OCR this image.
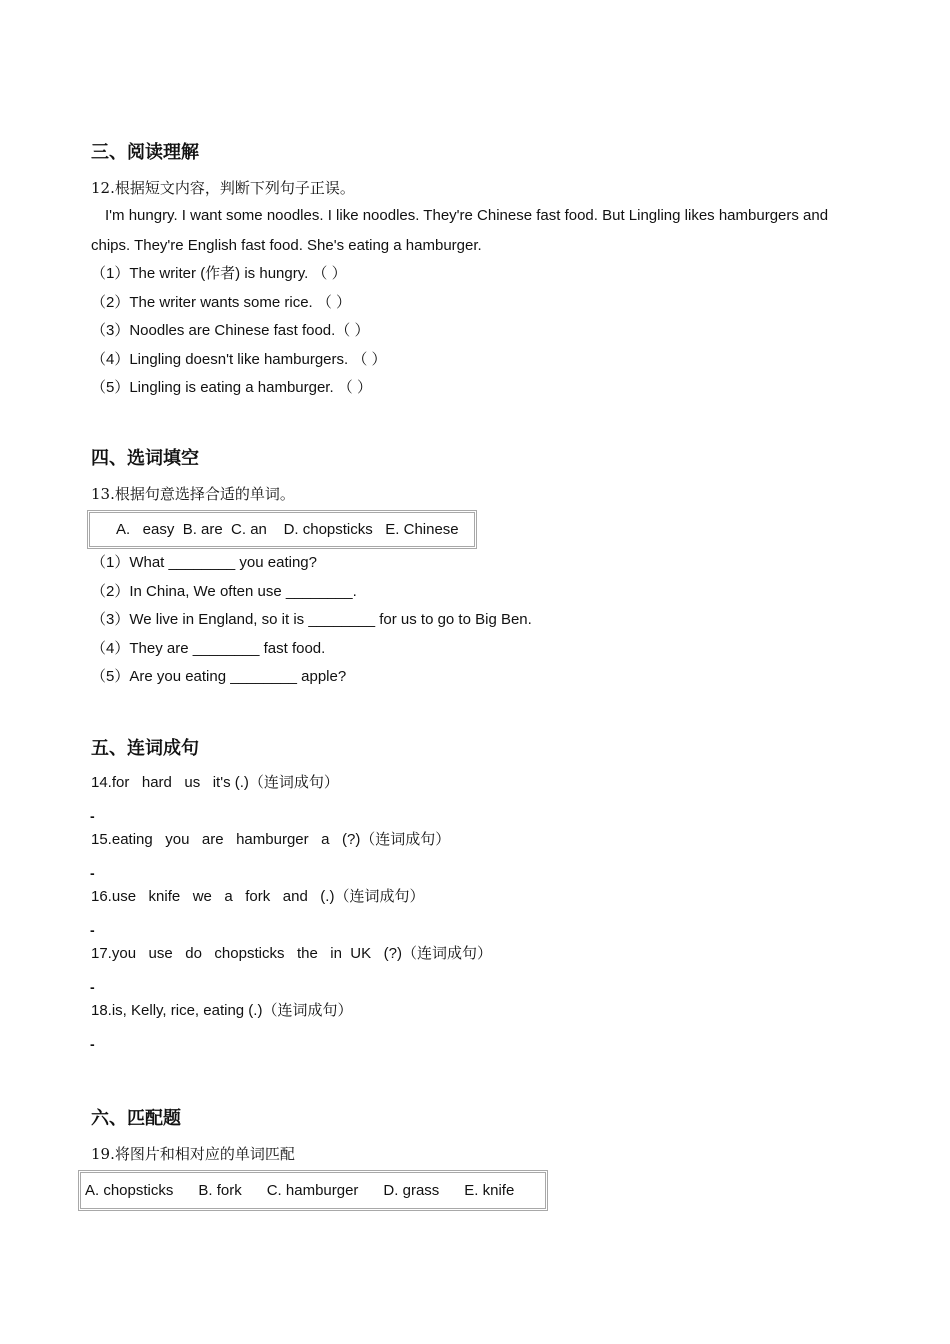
三、阅读理解
12.根据短文内容，判断下列句子正误。
I'm hungry. I want some noodles. I like noodles. They're Chinese fast food. But Lingling likes hamburgers and
chips. They're English fast food. She's eating a hamburger.
（1）The writer (作者) is hungry. （ ）
（2）The writer wants some rice. （ ）
（3）Noodles are Chinese fast food.（ ）
（4）Lingling doesn't like hamburgers. （ ）
（5）Lingling is eating a hamburger. （ ）
四、选词填空
13.根据句意选择合适的单词。
A.   easy  B. are  C. an    D. chopsticks   E. Chinese
（1）What ________ you eating?
（2）In China, We often use ________.
（3）We live in England, so it is ________ for us to go to Big Ben.
（4）They are ________ fast food.
（5）Are you eating ________ apple?
五、连词成句
14.for   hard   us   it's (.)（连词成句）
-
15.eating   you   are   hamburger   a   (?)（连词成句）
-
16.use   knife   we   a   fork   and   (.)（连词成句）
-
17.you   use   do   chopsticks   the   in  UK   (?)（连词成句）
-
18.is, Kelly, rice, eating (.)（连词成句）
-
六、匹配题
19.将图片和相对应的单词匹配
A. chopsticks      B. fork      C. hamburger      D. grass      E. knife
